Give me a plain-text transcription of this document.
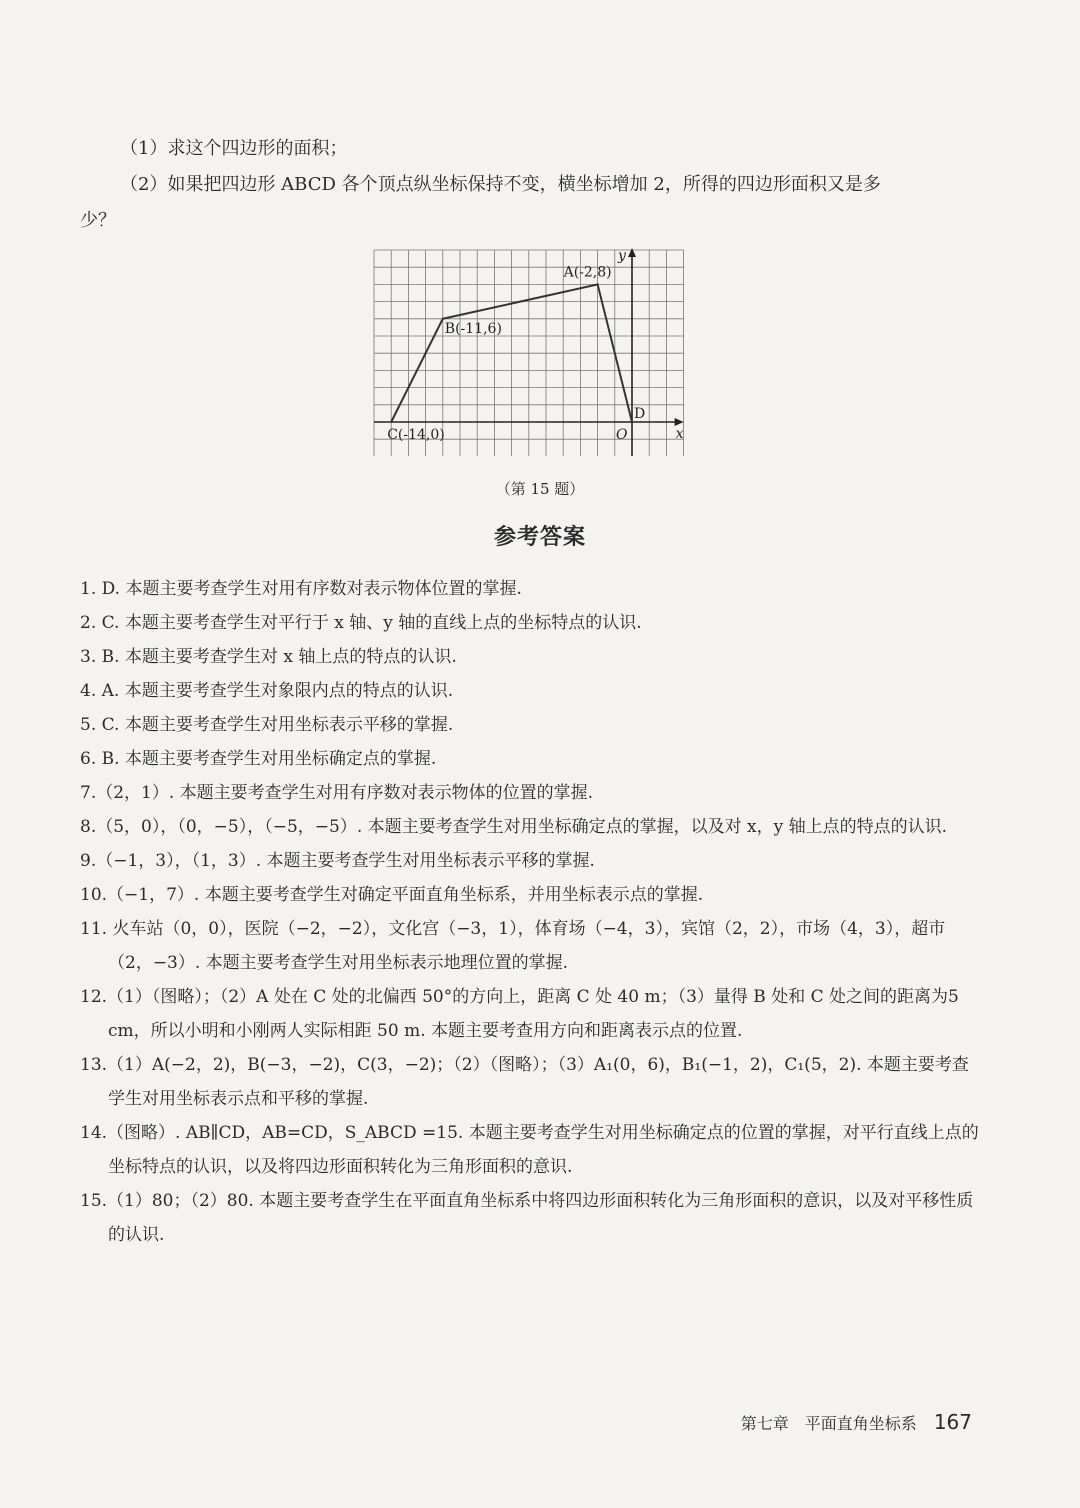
（1）求这个四边形的面积；
（2）如果把四边形 ABCD 各个顶点纵坐标保持不变，横坐标增加 2，所得的四边形面积又是多
少？
x
y
O
A(-2,8)
B(-11,6)
C(-14,0)
D
（第 15 题）
参考答案
1. D. 本题主要考查学生对用有序数对表示物体位置的掌握.
2. C. 本题主要考查学生对平行于 x 轴、y 轴的直线上点的坐标特点的认识.
3. B. 本题主要考查学生对 x 轴上点的特点的认识.
4. A. 本题主要考查学生对象限内点的特点的认识.
5. C. 本题主要考查学生对用坐标表示平移的掌握.
6. B. 本题主要考查学生对用坐标确定点的掌握.
7.（2，1）. 本题主要考查学生对用有序数对表示物体的位置的掌握.
8.（5，0），（0，−5），（−5，−5）. 本题主要考查学生对用坐标确定点的掌握，以及对 x，y 轴上点的特点的认识.
9.（−1，3），（1，3）. 本题主要考查学生对用坐标表示平移的掌握.
10.（−1，7）. 本题主要考查学生对确定平面直角坐标系，并用坐标表示点的掌握.
11. 火车站（0，0），医院（−2，−2），文化宫（−3，1），体育场（−4，3），宾馆（2，2），市场（4，3），超市（2，−3）. 本题主要考查学生对用坐标表示地理位置的掌握.
12.（1）（图略）；（2）A 处在 C 处的北偏西 50°的方向上，距离 C 处 40 m；（3）量得 B 处和 C 处之间的距离为5 cm，所以小明和小刚两人实际相距 50 m. 本题主要考查用方向和距离表示点的位置.
13.（1）A(−2，2)，B(−3，−2)，C(3，−2)；（2）（图略）；（3）A₁(0，6)，B₁(−1，2)，C₁(5，2). 本题主要考查学生对用坐标表示点和平移的掌握.
14.（图略）. AB∥CD，AB=CD，S_ABCD =15. 本题主要考查学生对用坐标确定点的位置的掌握，对平行直线上点的坐标特点的认识，以及将四边形面积转化为三角形面积的意识.
15.（1）80；（2）80. 本题主要考查学生在平面直角坐标系中将四边形面积转化为三角形面积的意识，以及对平移性质的认识.
第七章　平面直角坐标系 167
